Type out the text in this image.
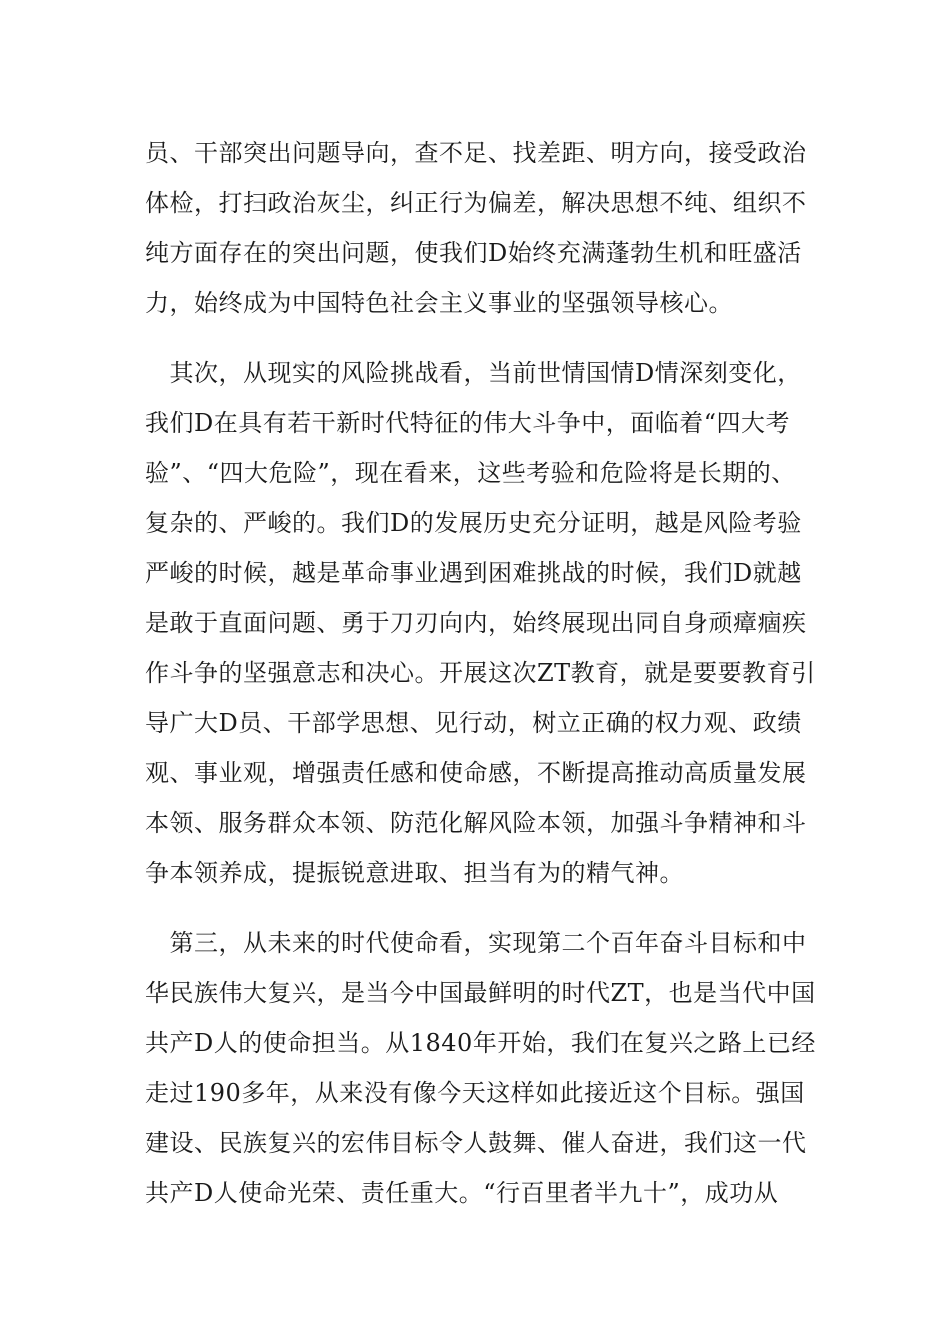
员、干部突出问题导向，查不足、找差距、明方向，接受政治
体检，打扫政治灰尘，纠正行为偏差，解决思想不纯、组织不
纯方面存在的突出问题，使我们D始终充满蓬勃生机和旺盛活
力，始终成为中国特色社会主义事业的坚强领导核心。
　其次，从现实的风险挑战看，当前世情国情D情深刻变化，
我们D在具有若干新时代特征的伟大斗争中，面临着“四大考
验”、“四大危险”，现在看来，这些考验和危险将是长期的、
复杂的、严峻的。我们D的发展历史充分证明，越是风险考验
严峻的时候，越是革命事业遇到困难挑战的时候，我们D就越
是敢于直面问题、勇于刀刃向内，始终展现出同自身顽瘴痼疾
作斗争的坚强意志和决心。开展这次ZT教育，就是要要教育引
导广大D员、干部学思想、见行动，树立正确的权力观、政绩
观、事业观，增强责任感和使命感，不断提高推动高质量发展
本领、服务群众本领、防范化解风险本领，加强斗争精神和斗
争本领养成，提振锐意进取、担当有为的精气神。
　第三，从未来的时代使命看，实现第二个百年奋斗目标和中
华民族伟大复兴，是当今中国最鲜明的时代ZT，也是当代中国
共产D人的使命担当。从1840年开始，我们在复兴之路上已经
走过190多年，从来没有像今天这样如此接近这个目标。强国
建设、民族复兴的宏伟目标令人鼓舞、催人奋进，我们这一代
共产D人使命光荣、责任重大。“行百里者半九十”，成功从
